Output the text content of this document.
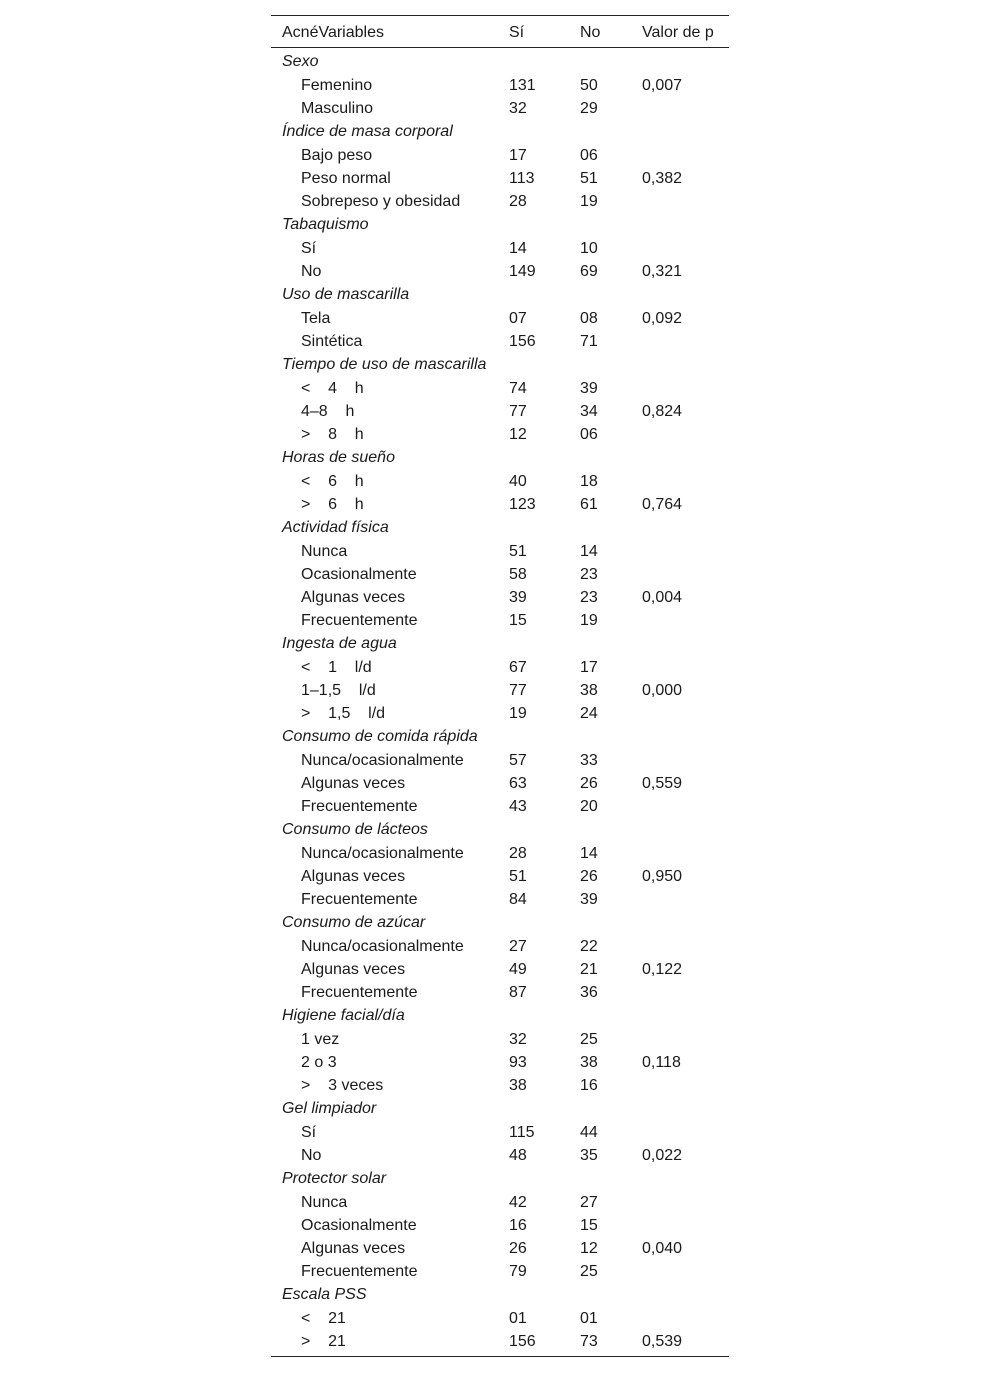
AcnéVariables	Sí	No	Valor de p
Sexo
Femenino	131	50	0,007
Masculino	32	29
Índice de masa corporal
Bajo peso	17	06
Peso normal	113	51	0,382
Sobrepeso y obesidad	28	19
Tabaquismo
Sí	14	10
No	149	69	0,321
Uso de mascarilla
Tela	07	08	0,092
Sintética	156	71
Tiempo de uso de mascarilla
<    4    h	74	39
4–8    h	77	34	0,824
>    8    h	12	06
Horas de sueño
<    6    h	40	18
>    6    h	123	61	0,764
Actividad física
Nunca	51	14
Ocasionalmente	58	23
Algunas veces	39	23	0,004
Frecuentemente	15	19
Ingesta de agua
<    1    l/d	67	17
1–1,5    l/d	77	38	0,000
>    1,5    l/d	19	24
Consumo de comida rápida
Nunca/ocasionalmente	57	33
Algunas veces	63	26	0,559
Frecuentemente	43	20
Consumo de lácteos
Nunca/ocasionalmente	28	14
Algunas veces	51	26	0,950
Frecuentemente	84	39
Consumo de azúcar
Nunca/ocasionalmente	27	22
Algunas veces	49	21	0,122
Frecuentemente	87	36
Higiene facial/día
1 vez	32	25
2 o 3	93	38	0,118
>    3 veces	38	16
Gel limpiador
Sí	115	44
No	48	35	0,022
Protector solar
Nunca	42	27
Ocasionalmente	16	15
Algunas veces	26	12	0,040
Frecuentemente	79	25
Escala PSS
<    21	01	01
>    21	156	73	0,539
